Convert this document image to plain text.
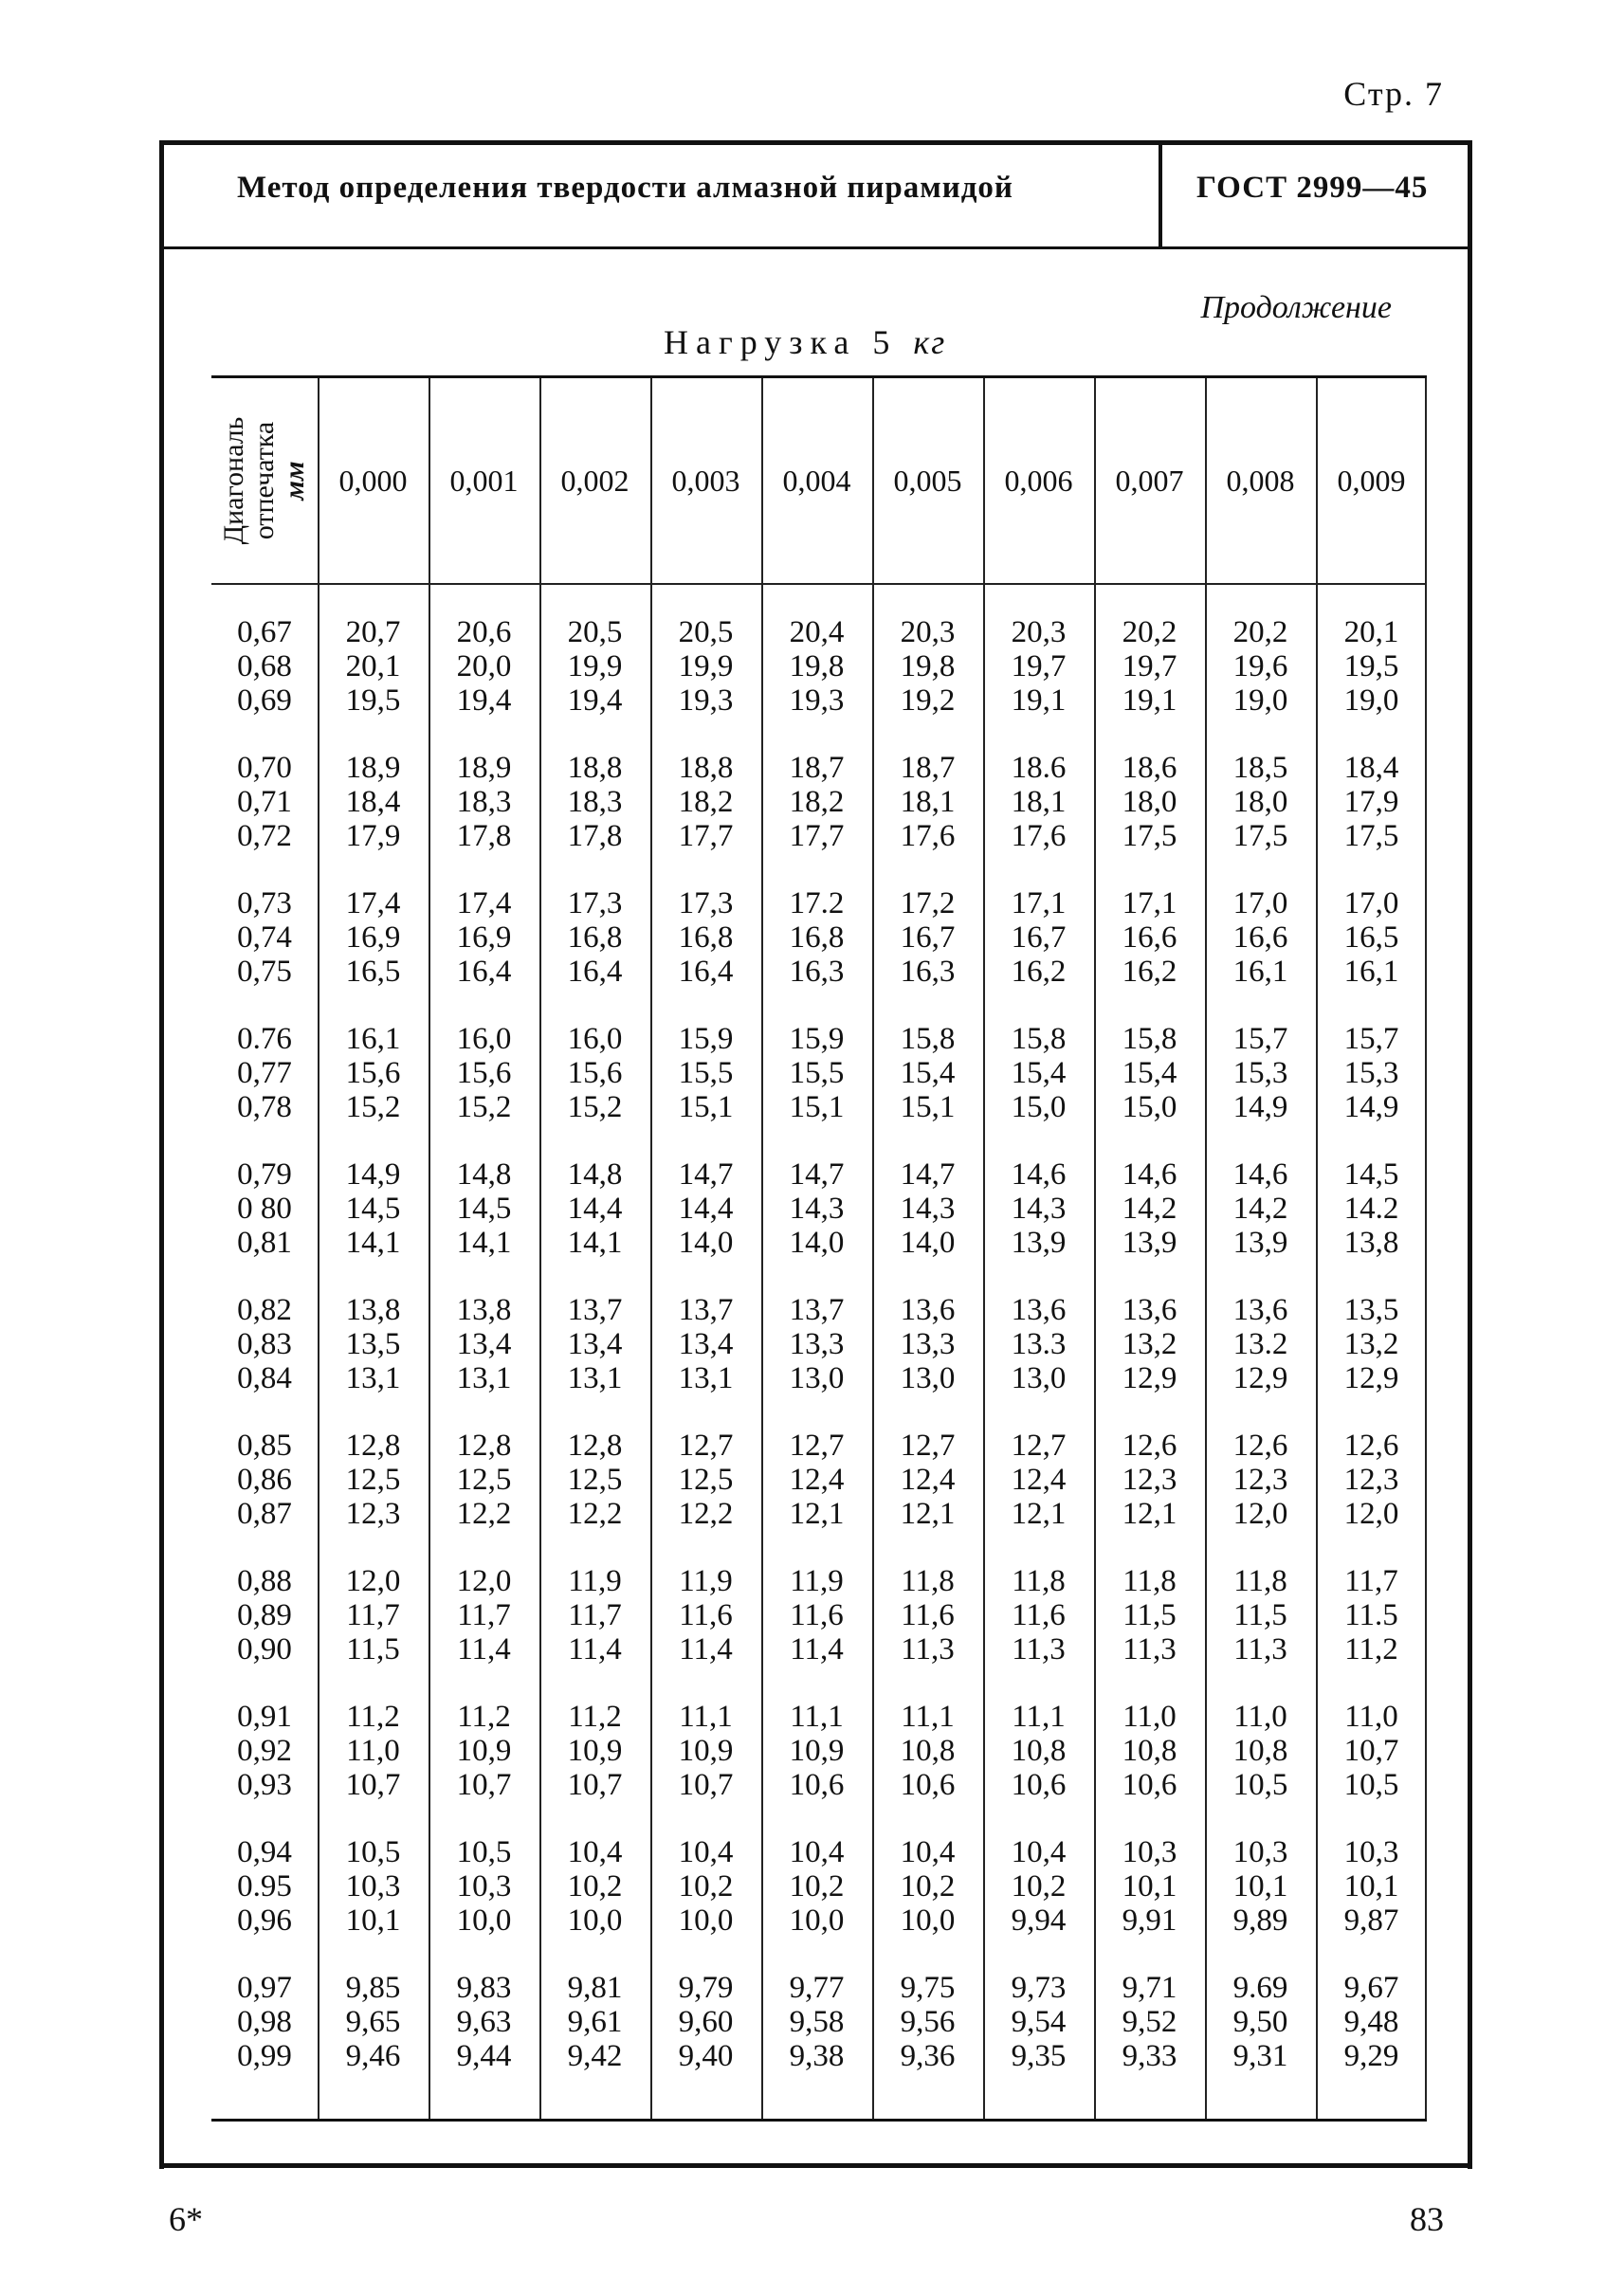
Стр. 7
Метод определения твердости алмазной пирамидой	ГОСТ 2999—45
Продолжение
Нагрузка 5 кг
Диагональ отпечатка мм 0,000	0,001	0,002	0,003	0,004	0,005	0,006	0,007	0,008	0,009
0,67	20,7	20,6	20,5	20,5	20,4	20,3	20,3	20,2	20,2	20,1
0,68	20,1	20,0	19,9	19,9	19,8	19,8	19,7	19,7	19,6	19,5
0,69	19,5	19,4	19,4	19,3	19,3	19,2	19,1	19,1	19,0	19,0
0,70	18,9	18,9	18,8	18,8	18,7	18,7	18.6	18,6	18,5	18,4
0,71	18,4	18,3	18,3	18,2	18,2	18,1	18,1	18,0	18,0	17,9
0,72	17,9	17,8	17,8	17,7	17,7	17,6	17,6	17,5	17,5	17,5
0,73	17,4	17,4	17,3	17,3	17.2	17,2	17,1	17,1	17,0	17,0
0,74	16,9	16,9	16,8	16,8	16,8	16,7	16,7	16,6	16,6	16,5
0,75	16,5	16,4	16,4	16,4	16,3	16,3	16,2	16,2	16,1	16,1
0.76	16,1	16,0	16,0	15,9	15,9	15,8	15,8	15,8	15,7	15,7
0,77	15,6	15,6	15,6	15,5	15,5	15,4	15,4	15,4	15,3	15,3
0,78	15,2	15,2	15,2	15,1	15,1	15,1	15,0	15,0	14,9	14,9
0,79	14,9	14,8	14,8	14,7	14,7	14,7	14,6	14,6	14,6	14,5
0 80	14,5	14,5	14,4	14,4	14,3	14,3	14,3	14,2	14,2	14.2
0,81	14,1	14,1	14,1	14,0	14,0	14,0	13,9	13,9	13,9	13,8
0,82	13,8	13,8	13,7	13,7	13,7	13,6	13,6	13,6	13,6	13,5
0,83	13,5	13,4	13,4	13,4	13,3	13,3	13.3	13,2	13.2	13,2
0,84	13,1	13,1	13,1	13,1	13,0	13,0	13,0	12,9	12,9	12,9
0,85	12,8	12,8	12,8	12,7	12,7	12,7	12,7	12,6	12,6	12,6
0,86	12,5	12,5	12,5	12,5	12,4	12,4	12,4	12,3	12,3	12,3
0,87	12,3	12,2	12,2	12,2	12,1	12,1	12,1	12,1	12,0	12,0
0,88	12,0	12,0	11,9	11,9	11,9	11,8	11,8	11,8	11,8	11,7
0,89	11,7	11,7	11,7	11,6	11,6	11,6	11,6	11,5	11,5	11.5
0,90	11,5	11,4	11,4	11,4	11,4	11,3	11,3	11,3	11,3	11,2
0,91	11,2	11,2	11,2	11,1	11,1	11,1	11,1	11,0	11,0	11,0
0,92	11,0	10,9	10,9	10,9	10,9	10,8	10,8	10,8	10,8	10,7
0,93	10,7	10,7	10,7	10,7	10,6	10,6	10,6	10,6	10,5	10,5
0,94	10,5	10,5	10,4	10,4	10,4	10,4	10,4	10,3	10,3	10,3
0.95	10,3	10,3	10,2	10,2	10,2	10,2	10,2	10,1	10,1	10,1
0,96	10,1	10,0	10,0	10,0	10,0	10,0	9,94	9,91	9,89	9,87
0,97	9,85	9,83	9,81	9,79	9,77	9,75	9,73	9,71	9.69	9,67
0,98	9,65	9,63	9,61	9,60	9,58	9,56	9,54	9,52	9,50	9,48
0,99	9,46	9,44	9,42	9,40	9,38	9,36	9,35	9,33	9,31	9,29
6*	83
